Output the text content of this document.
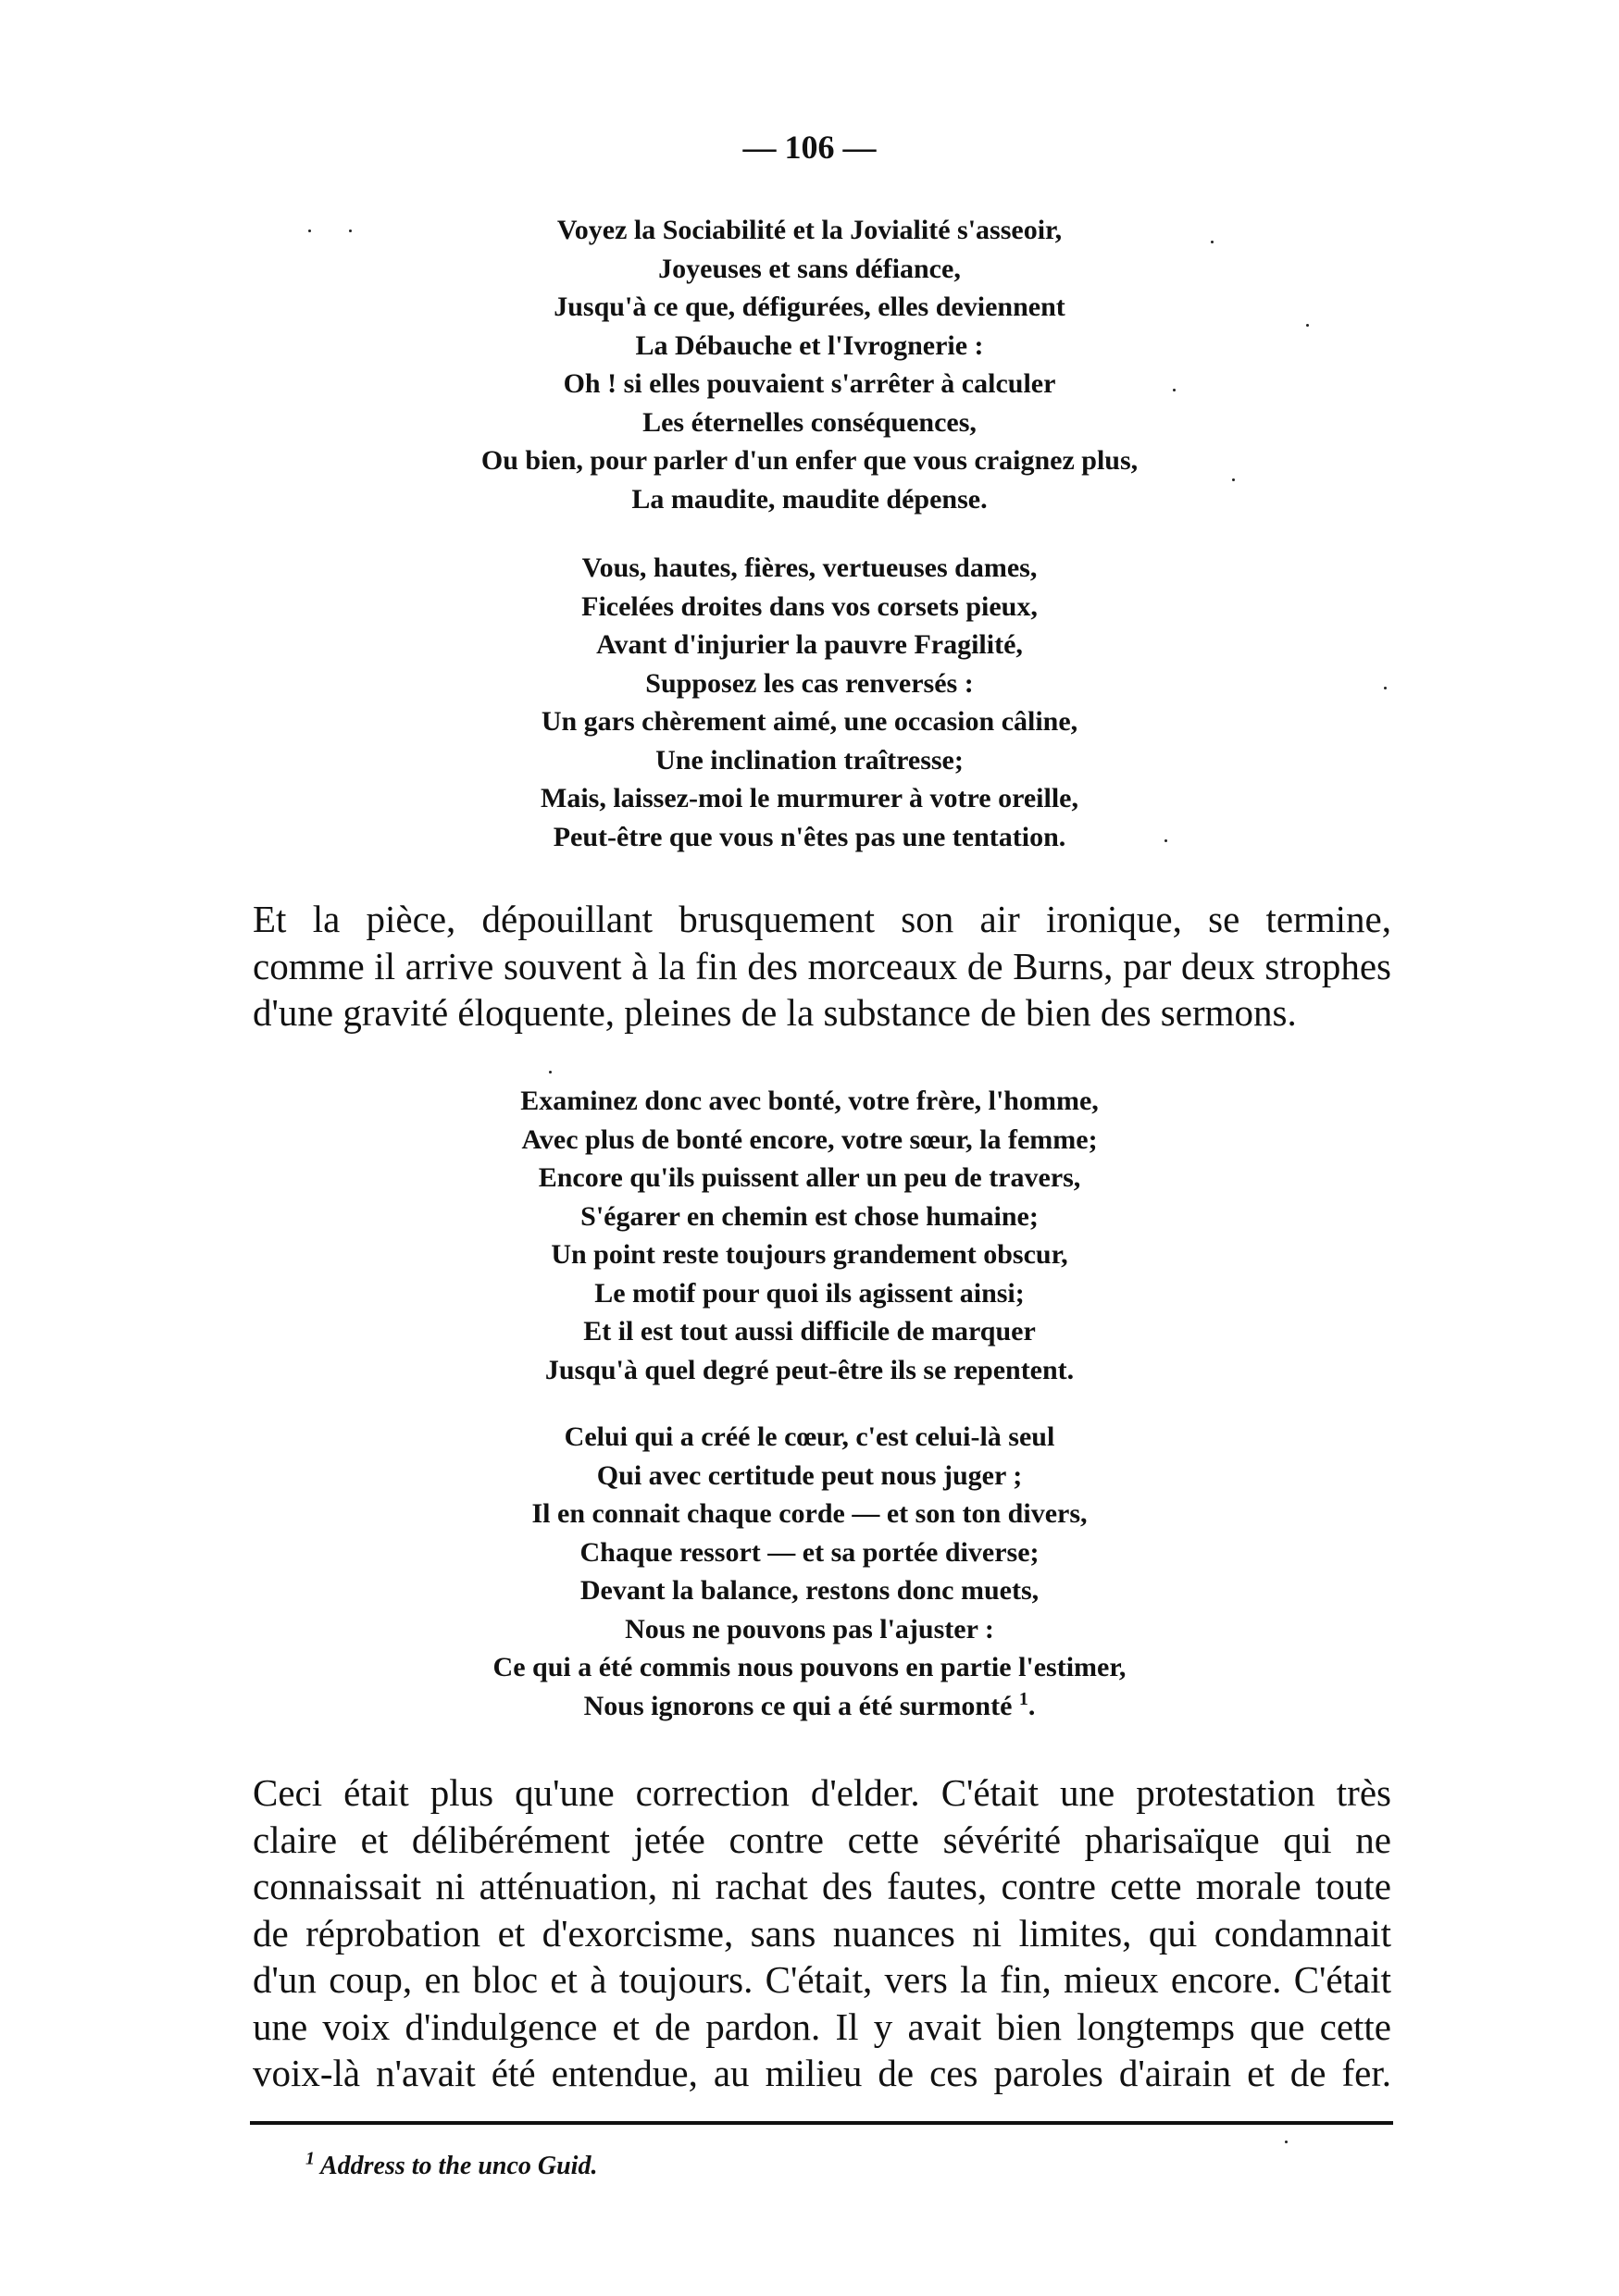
— 106 —
Voyez la Sociabilité et la Jovialité s'asseoir,
Joyeuses et sans défiance,
Jusqu'à ce que, défigurées, elles deviennent
La Débauche et l'Ivrognerie :
Oh ! si elles pouvaient s'arrêter à calculer
Les éternelles conséquences,
Ou bien, pour parler d'un enfer que vous craignez plus,
La maudite, maudite dépense.
Vous, hautes, fières, vertueuses dames,
Ficelées droites dans vos corsets pieux,
Avant d'injurier la pauvre Fragilité,
Supposez les cas renversés :
Un gars chèrement aimé, une occasion câline,
Une inclination traîtresse;
Mais, laissez-moi le murmurer à votre oreille,
Peut-être que vous n'êtes pas une tentation.
Et la pièce, dépouillant brusquement son air ironique, se termine,
comme il arrive souvent à la fin des morceaux de Burns, par deux strophes
d'une gravité éloquente, pleines de la substance de bien des sermons.
Examinez donc avec bonté, votre frère, l'homme,
Avec plus de bonté encore, votre sœur, la femme;
Encore qu'ils puissent aller un peu de travers,
S'égarer en chemin est chose humaine;
Un point reste toujours grandement obscur,
Le motif pour quoi ils agissent ainsi;
Et il est tout aussi difficile de marquer
Jusqu'à quel degré peut-être ils se repentent.
Celui qui a créé le cœur, c'est celui-là seul
Qui avec certitude peut nous juger ;
Il en connait chaque corde — et son ton divers,
Chaque ressort — et sa portée diverse;
Devant la balance, restons donc muets,
Nous ne pouvons pas l'ajuster :
Ce qui a été commis nous pouvons en partie l'estimer,
Nous ignorons ce qui a été surmonté $^1$.
Ceci était plus qu'une correction d'elder. C'était une protestation très
claire et délibérément jetée contre cette sévérité pharisaïque qui ne
connaissait ni atténuation, ni rachat des fautes, contre cette morale toute
de réprobation et d'exorcisme, sans nuances ni limites, qui condamnait
d'un coup, en bloc et à toujours. C'était, vers la fin, mieux encore. C'était
une voix d'indulgence et de pardon. Il y avait bien longtemps que cette
voix-là n'avait été entendue, au milieu de ces paroles d'airain et de fer.
$^1$ Address to the unco Guid.
